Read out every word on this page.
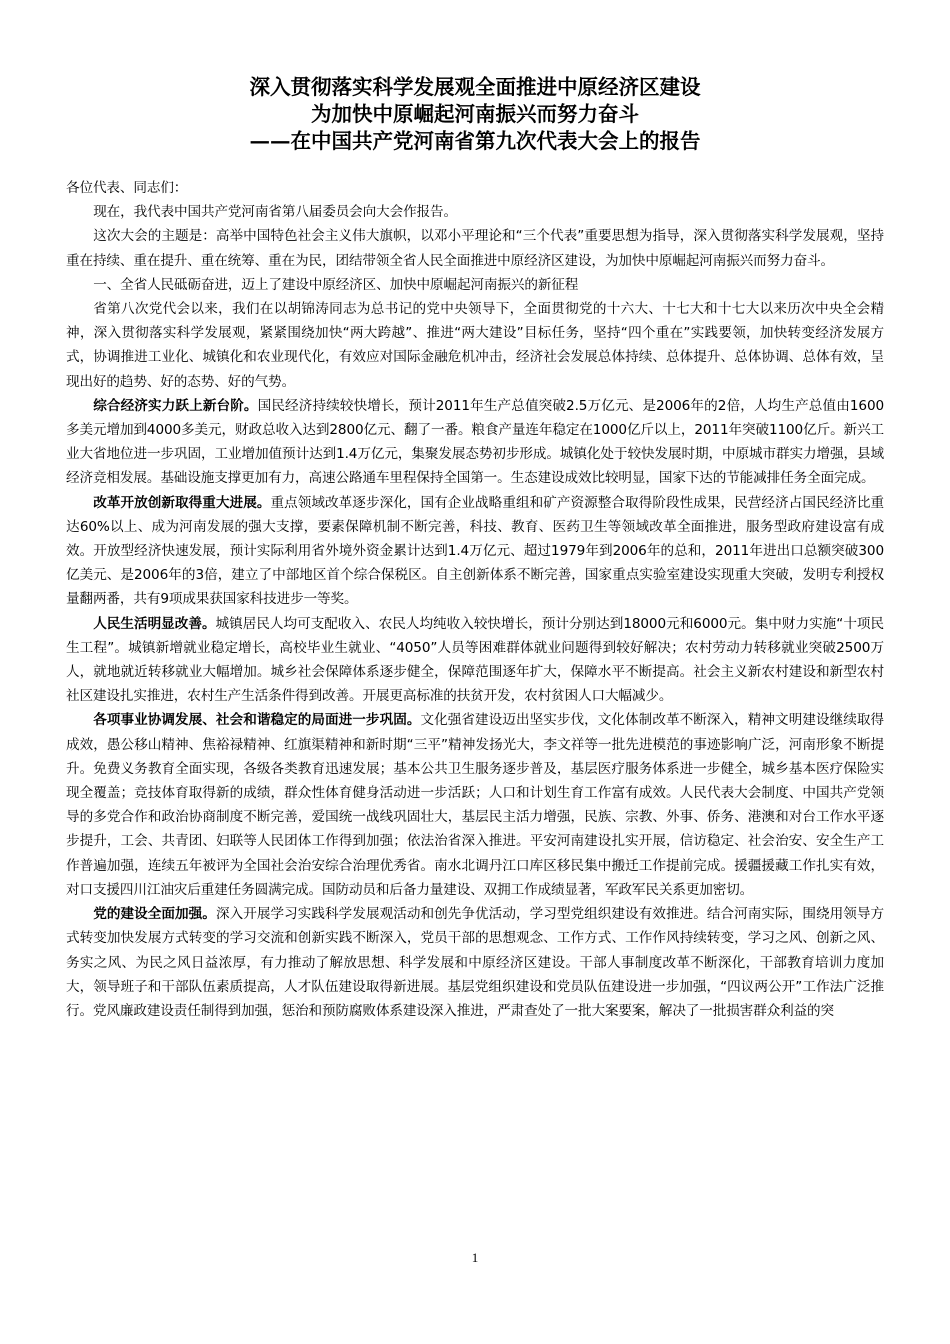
深入贯彻落实科学发展观全面推进中原经济区建设
为加快中原崛起河南振兴而努力奋斗
——在中国共产党河南省第九次代表大会上的报告

各位代表、同志们：

现在，我代表中国共产党河南省第八届委员会向大会作报告。

这次大会的主题是：高举中国特色社会主义伟大旗帜，以邓小平理论和“三个代表”重要思想为指导，深入贯彻落实科学发展观，坚持重在持续、重在提升、重在统筹、重在为民，团结带领全省人民全面推进中原经济区建设，为加快中原崛起河南振兴而努力奋斗。

一、全省人民砥砺奋进，迈上了建设中原经济区、加快中原崛起河南振兴的新征程

省第八次党代会以来，我们在以胡锦涛同志为总书记的党中央领导下，全面贯彻党的十六大、十七大和十七大以来历次中央全会精神，深入贯彻落实科学发展观，紧紧围绕加快“两大跨越”、推进“两大建设”目标任务，坚持“四个重在”实践要领，加快转变经济发展方式，协调推进工业化、城镇化和农业现代化，有效应对国际金融危机冲击，经济社会发展总体持续、总体提升、总体协调、总体有效，呈现出好的趋势、好的态势、好的气势。

综合经济实力跃上新台阶。国民经济持续较快增长，预计2011年生产总值突破2.5万亿元、是2006年的2倍，人均生产总值由1600多美元增加到4000多美元，财政总收入达到2800亿元、翻了一番。粮食产量连年稳定在1000亿斤以上，2011年突破1100亿斤。新兴工业大省地位进一步巩固，工业增加值预计达到1.4万亿元，集聚发展态势初步形成。城镇化处于较快发展时期，中原城市群实力增强，县域经济竞相发展。基础设施支撑更加有力，高速公路通车里程保持全国第一。生态建设成效比较明显，国家下达的节能减排任务全面完成。

改革开放创新取得重大进展。重点领域改革逐步深化，国有企业战略重组和矿产资源整合取得阶段性成果，民营经济占国民经济比重达60%以上、成为河南发展的强大支撑，要素保障机制不断完善，科技、教育、医药卫生等领域改革全面推进，服务型政府建设富有成效。开放型经济快速发展，预计实际利用省外境外资金累计达到1.4万亿元、超过1979年到2006年的总和，2011年进出口总额突破300亿美元、是2006年的3倍，建立了中部地区首个综合保税区。自主创新体系不断完善，国家重点实验室建设实现重大突破，发明专利授权量翻两番，共有9项成果获国家科技进步一等奖。

人民生活明显改善。城镇居民人均可支配收入、农民人均纯收入较快增长，预计分别达到18000元和6000元。集中财力实施“十项民生工程”。城镇新增就业稳定增长，高校毕业生就业、“4050”人员等困难群体就业问题得到较好解决；农村劳动力转移就业突破2500万人，就地就近转移就业大幅增加。城乡社会保障体系逐步健全，保障范围逐年扩大，保障水平不断提高。社会主义新农村建设和新型农村社区建设扎实推进，农村生产生活条件得到改善。开展更高标准的扶贫开发，农村贫困人口大幅减少。

各项事业协调发展、社会和谐稳定的局面进一步巩固。文化强省建设迈出坚实步伐，文化体制改革不断深入，精神文明建设继续取得成效，愚公移山精神、焦裕禄精神、红旗渠精神和新时期“三平”精神发扬光大，李文祥等一批先进模范的事迹影响广泛，河南形象不断提升。免费义务教育全面实现，各级各类教育迅速发展；基本公共卫生服务逐步普及，基层医疗服务体系进一步健全，城乡基本医疗保险实现全覆盖；竞技体育取得新的成绩，群众性体育健身活动进一步活跃；人口和计划生育工作富有成效。人民代表大会制度、中国共产党领导的多党合作和政治协商制度不断完善，爱国统一战线巩固壮大，基层民主活力增强，民族、宗教、外事、侨务、港澳和对台工作水平逐步提升，工会、共青团、妇联等人民团体工作得到加强；依法治省深入推进。平安河南建设扎实开展，信访稳定、社会治安、安全生产工作普遍加强，连续五年被评为全国社会治安综合治理优秀省。南水北调丹江口库区移民集中搬迁工作提前完成。援疆援藏工作扎实有效，对口支援四川江油灾后重建任务圆满完成。国防动员和后备力量建设、双拥工作成绩显著，军政军民关系更加密切。

党的建设全面加强。深入开展学习实践科学发展观活动和创先争优活动，学习型党组织建设有效推进。结合河南实际，围绕用领导方式转变加快发展方式转变的学习交流和创新实践不断深入，党员干部的思想观念、工作方式、工作作风持续转变，学习之风、创新之风、务实之风、为民之风日益浓厚，有力推动了解放思想、科学发展和中原经济区建设。干部人事制度改革不断深化，干部教育培训力度加大，领导班子和干部队伍素质提高，人才队伍建设取得新进展。基层党组织建设和党员队伍建设进一步加强，“四议两公开”工作法广泛推行。党风廉政建设责任制得到加强，惩治和预防腐败体系建设深入推进，严肃查处了一批大案要案，解决了一批损害群众利益的突

1
